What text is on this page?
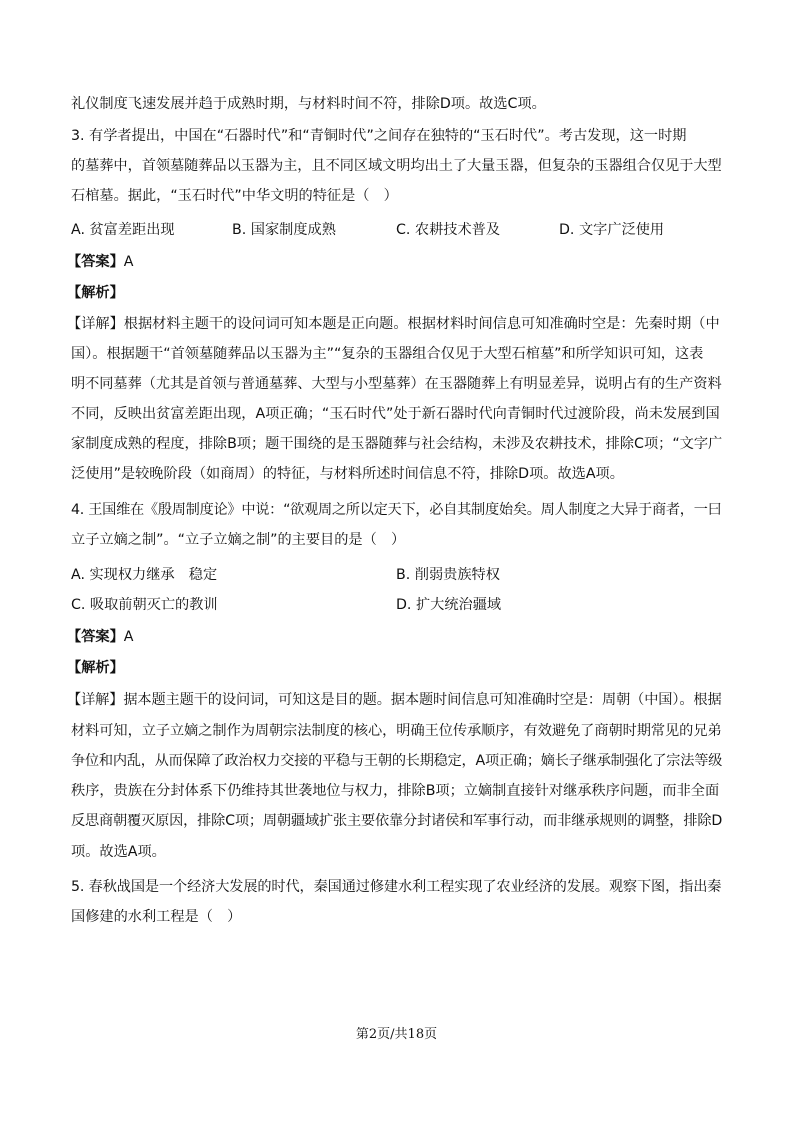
礼仪制度飞速发展并趋于成熟时期，与材料时间不符，排除D项。故选C项。
3. 有学者提出，中国在“石器时代”和“青铜时代”之间存在独特的“玉石时代”。考古发现，这一时期
的墓葬中，首领墓随葬品以玉器为主，且不同区域文明均出土了大量玉器，但复杂的玉器组合仅见于大型
石棺墓。据此，“玉石时代”中华文明的特征是（　）
A. 贫富差距出现	B. 国家制度成熟	C. 农耕技术普及	D. 文字广泛使用
【答案】A
【解析】
【详解】根据材料主题干的设问词可知本题是正向题。根据材料时间信息可知准确时空是：先秦时期（中
国）。根据题干“首领墓随葬品以玉器为主”“复杂的玉器组合仅见于大型石棺墓”和所学知识可知，这表
明不同墓葬（尤其是首领与普通墓葬、大型与小型墓葬）在玉器随葬上有明显差异，说明占有的生产资料
不同，反映出贫富差距出现，A项正确；“玉石时代”处于新石器时代向青铜时代过渡阶段，尚未发展到国
家制度成熟的程度，排除B项；题干围绕的是玉器随葬与社会结构，未涉及农耕技术，排除C项；“文字广
泛使用”是较晚阶段（如商周）的特征，与材料所述时间信息不符，排除D项。故选A项。
4. 王国维在《殷周制度论》中说：“欲观周之所以定天下，必自其制度始矣。周人制度之大异于商者，一曰
立子立嫡之制”。“立子立嫡之制”的主要目的是（　）
A. 实现权力继承　稳定	B. 削弱贵族特权
C. 吸取前朝灭亡的教训	D. 扩大统治疆域
【答案】A
【解析】
【详解】据本题主题干的设问词，可知这是目的题。据本题时间信息可知准确时空是：周朝（中国）。根据
材料可知，立子立嫡之制作为周朝宗法制度的核心，明确王位传承顺序，有效避免了商朝时期常见的兄弟
争位和内乱，从而保障了政治权力交接的平稳与王朝的长期稳定，A项正确；嫡长子继承制强化了宗法等级
秩序，贵族在分封体系下仍维持其世袭地位与权力，排除B项；立嫡制直接针对继承秩序问题，而非全面
反思商朝覆灭原因，排除C项；周朝疆域扩张主要依靠分封诸侯和军事行动，而非继承规则的调整，排除D
项。故选A项。
5. 春秋战国是一个经济大发展的时代，秦国通过修建水利工程实现了农业经济的发展。观察下图，指出秦
国修建的水利工程是（　）
第2页/共18页
